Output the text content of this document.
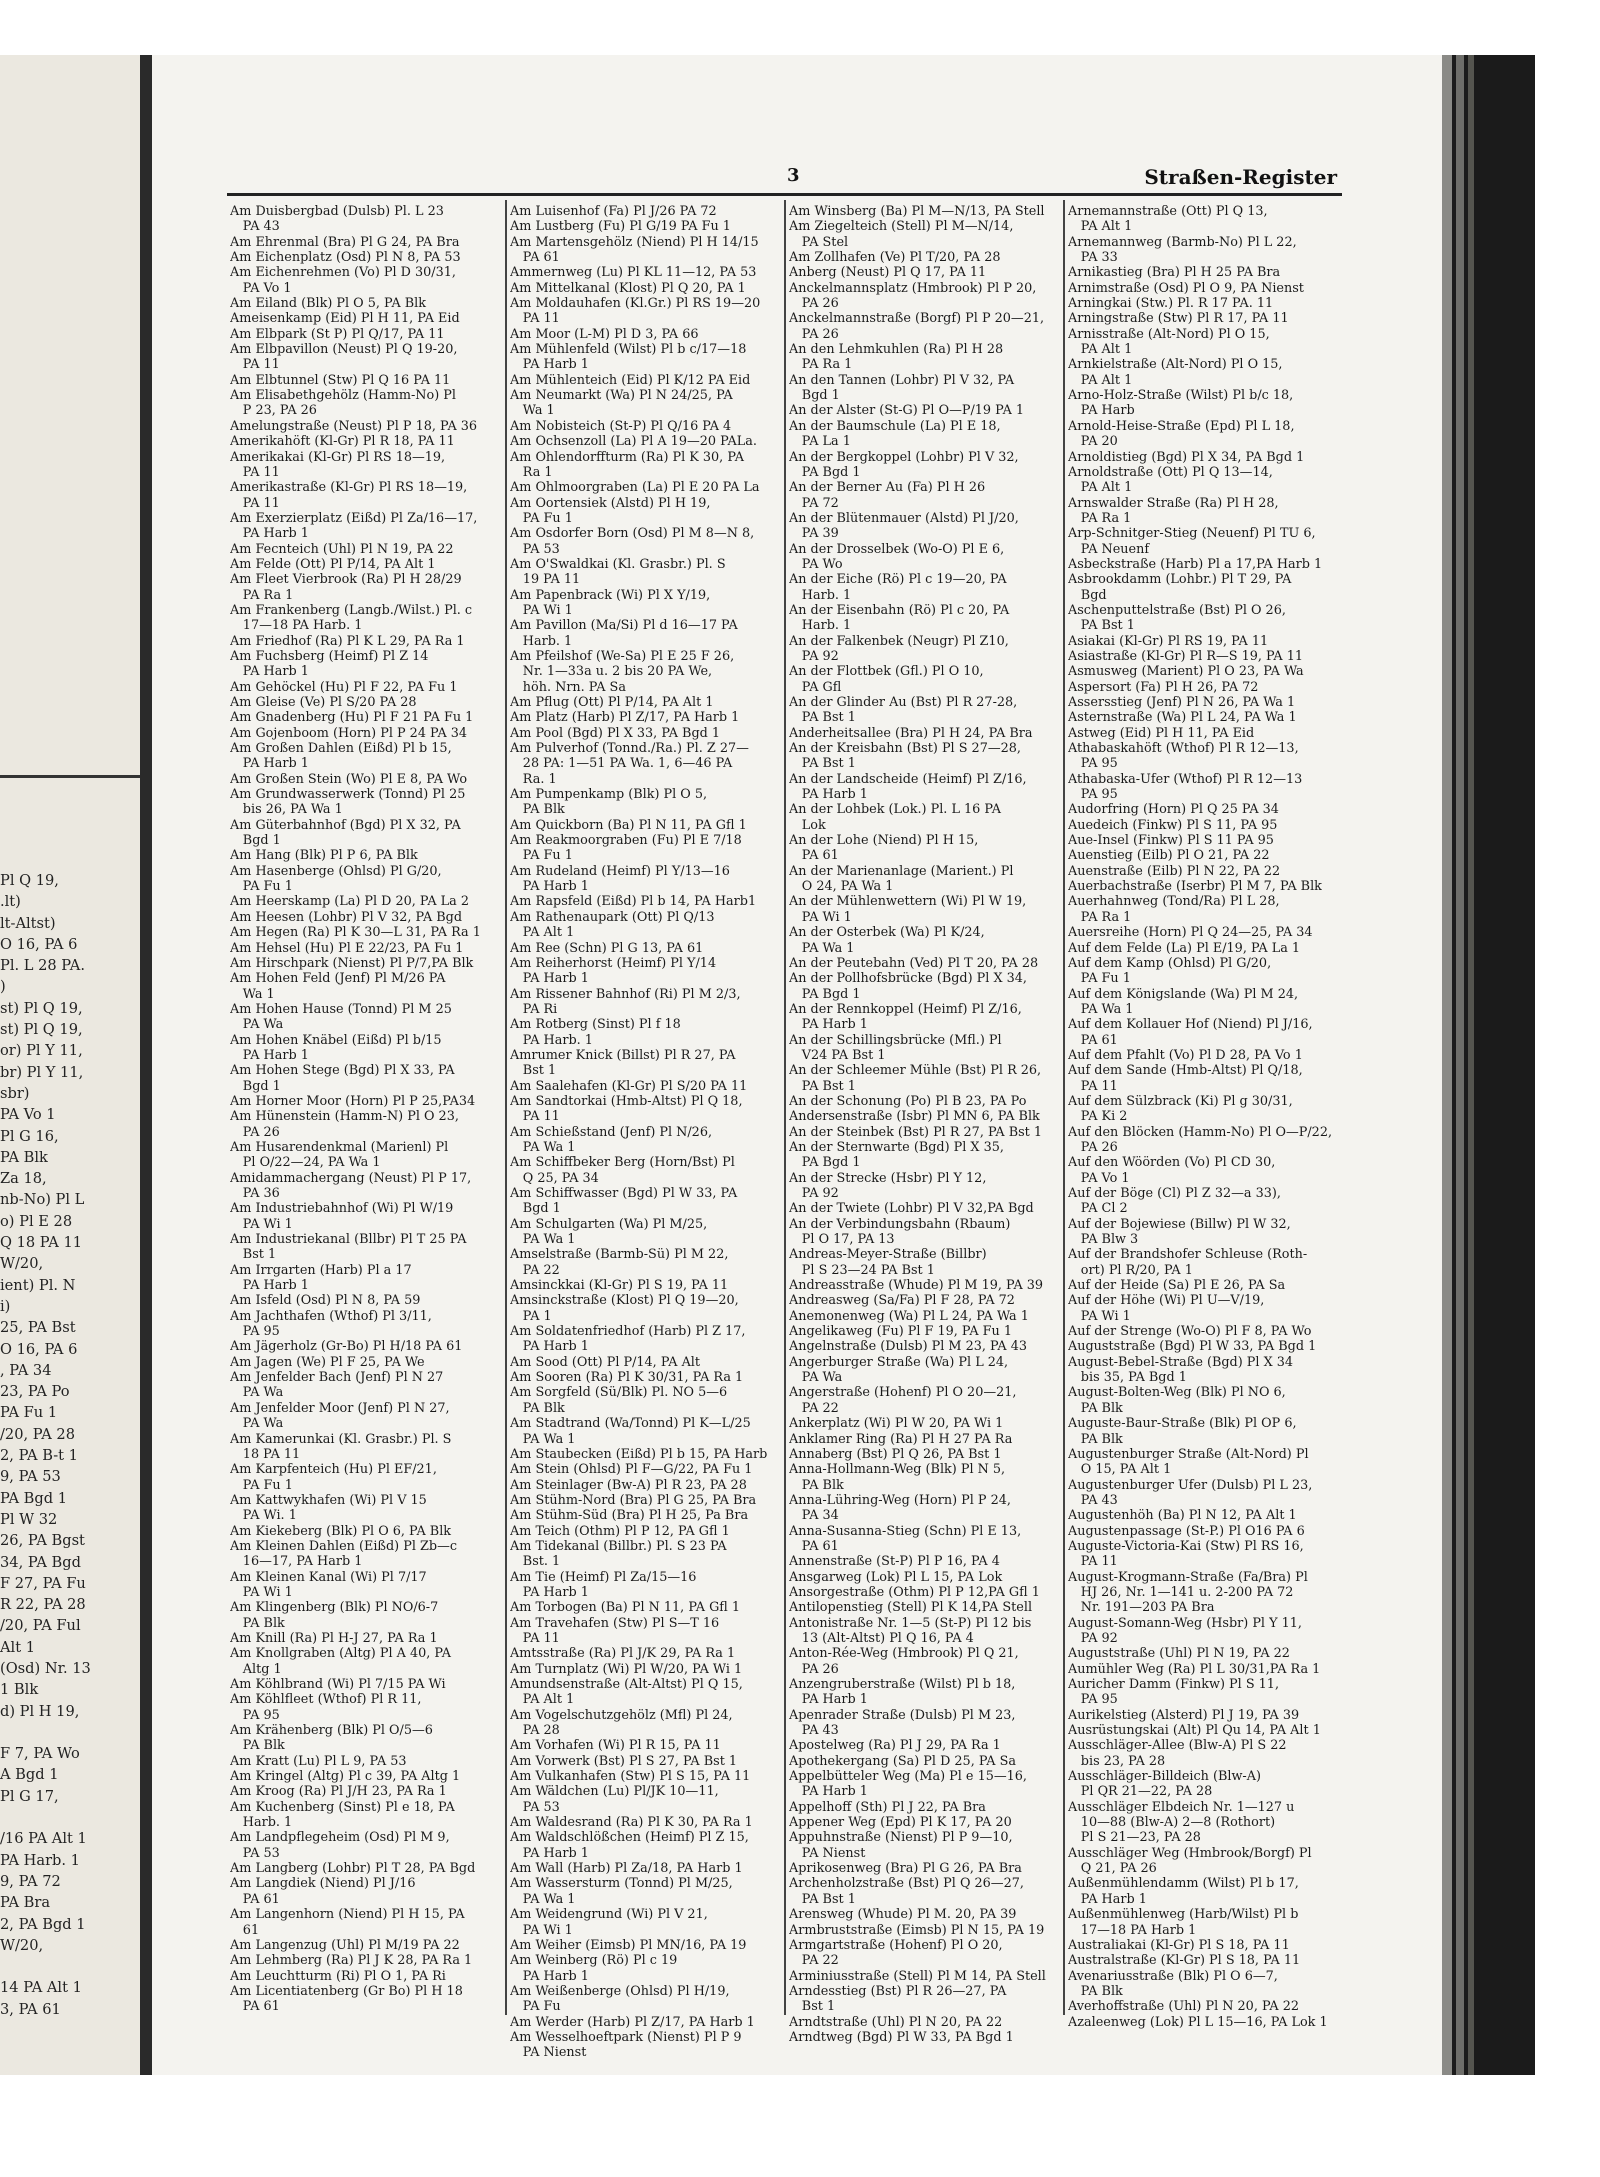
Pl Q 19,
.lt)
lt-Altst)
O 16, PA 6
Pl. L 28 PA.
)
st) Pl Q 19,
st) Pl Q 19,
or) Pl Y 11,
br) Pl Y 11,
sbr)
PA Vo 1
Pl G 16,
PA Blk
Za 18,
nb-No) Pl L
o) Pl E 28
Q 18 PA 11
W/20,
ient) Pl. N
i)
25, PA Bst
O 16, PA 6
, PA 34
23, PA Po
PA Fu 1
/20, PA 28
2, PA B-t 1
9, PA 53
PA Bgd 1
Pl W 32
26, PA Bgst
34, PA Bgd
F 27, PA Fu
R 22, PA 28
/20, PA Ful
Alt 1
(Osd) Nr. 13
1 Blk
d) Pl H 19,

F 7, PA Wo
A Bgd 1
Pl G 17,

/16 PA Alt 1
PA Harb. 1
9, PA 72
PA Bra
2, PA Bgd 1
W/20,

14 PA Alt 1
3, PA 61
3	Straßen-Register
Am Duisbergbad (Dulsb) Pl. L 23
 PA 43
Am Ehrenmal (Bra) Pl G 24, PA Bra
Am Eichenplatz (Osd) Pl N 8, PA 53
Am Eichenrehmen (Vo) Pl D 30/31,
 PA Vo 1
Am Eiland (Blk) Pl O 5, PA Blk
Ameisenkamp (Eid) Pl H 11, PA Eid
Am Elbpark (St P) Pl Q/17, PA 11
Am Elbpavillon (Neust) Pl Q 19-20,
 PA 11
Am Elbtunnel (Stw) Pl Q 16 PA 11
Am Elisabethgehölz (Hamm-No) Pl
 P 23, PA 26
Amelungstraße (Neust) Pl P 18, PA 36
Amerikahöft (Kl-Gr) Pl R 18, PA 11
Amerikakai (Kl-Gr) Pl RS 18—19,
 PA 11
Amerikastraße (Kl-Gr) Pl RS 18—19,
 PA 11
Am Exerzierplatz (Eißd) Pl Za/16—17,
 PA Harb 1
Am Fecnteich (Uhl) Pl N 19, PA 22
Am Felde (Ott) Pl P/14, PA Alt 1
Am Fleet Vierbrook (Ra) Pl H 28/29
 PA Ra 1
Am Frankenberg (Langb./Wilst.) Pl. c
 17—18 PA Harb. 1
Am Friedhof (Ra) Pl K L 29, PA Ra 1
Am Fuchsberg (Heimf) Pl Z 14
 PA Harb 1
Am Gehöckel (Hu) Pl F 22, PA Fu 1
Am Gleise (Ve) Pl S/20 PA 28
Am Gnadenberg (Hu) Pl F 21 PA Fu 1
Am Gojenboom (Horn) Pl P 24 PA 34
Am Großen Dahlen (Eißd) Pl b 15,
 PA Harb 1
Am Großen Stein (Wo) Pl E 8, PA Wo
Am Grundwasserwerk (Tonnd) Pl 25
 bis 26, PA Wa 1
Am Güterbahnhof (Bgd) Pl X 32, PA
 Bgd 1
Am Hang (Blk) Pl P 6, PA Blk
Am Hasenberge (Ohlsd) Pl G/20,
 PA Fu 1
Am Heerskamp (La) Pl D 20, PA La 2
Am Heesen (Lohbr) Pl V 32, PA Bgd
Am Hegen (Ra) Pl K 30—L 31, PA Ra 1
Am Hehsel (Hu) Pl E 22/23, PA Fu 1
Am Hirschpark (Nienst) Pl P/7,PA Blk
Am Hohen Feld (Jenf) Pl M/26 PA
 Wa 1
Am Hohen Hause (Tonnd) Pl M 25
 PA Wa
Am Hohen Knäbel (Eißd) Pl b/15
 PA Harb 1
Am Hohen Stege (Bgd) Pl X 33, PA
 Bgd 1
Am Horner Moor (Horn) Pl P 25,PA34
Am Hünenstein (Hamm-N) Pl O 23,
 PA 26
Am Husarendenkmal (Marienl) Pl
 Pl O/22—24, PA Wa 1
Amidammachergang (Neust) Pl P 17,
 PA 36
Am Industriebahnhof (Wi) Pl W/19
 PA Wi 1
Am Industriekanal (Bllbr) Pl T 25 PA
 Bst 1
Am Irrgarten (Harb) Pl a 17
 PA Harb 1
Am Isfeld (Osd) Pl N 8, PA 59
Am Jachthafen (Wthof) Pl 3/11,
 PA 95
Am Jägerholz (Gr-Bo) Pl H/18 PA 61
Am Jagen (We) Pl F 25, PA We
Am Jenfelder Bach (Jenf) Pl N 27
 PA Wa
Am Jenfelder Moor (Jenf) Pl N 27,
 PA Wa
Am Kamerunkai (Kl. Grasbr.) Pl. S
 18 PA 11
Am Karpfenteich (Hu) Pl EF/21,
 PA Fu 1
Am Kattwykhafen (Wi) Pl V 15
 PA Wi. 1
Am Kiekeberg (Blk) Pl O 6, PA Blk
Am Kleinen Dahlen (Eißd) Pl Zb—c
 16—17, PA Harb 1
Am Kleinen Kanal (Wi) Pl 7/17
 PA Wi 1
Am Klingenberg (Blk) Pl NO/6-7
 PA Blk
Am Knill (Ra) Pl H-J 27, PA Ra 1
Am Knollgraben (Altg) Pl A 40, PA
 Altg 1
Am Köhlbrand (Wi) Pl 7/15 PA Wi
Am Köhlfleet (Wthof) Pl R 11,
 PA 95
Am Krähenberg (Blk) Pl O/5—6
 PA Blk
Am Kratt (Lu) Pl L 9, PA 53
Am Kringel (Altg) Pl c 39, PA Altg 1
Am Kroog (Ra) Pl J/H 23, PA Ra 1
Am Kuchenberg (Sinst) Pl e 18, PA
 Harb. 1
Am Landpflegeheim (Osd) Pl M 9,
 PA 53
Am Langberg (Lohbr) Pl T 28, PA Bgd
Am Langdiek (Niend) Pl J/16
 PA 61
Am Langenhorn (Niend) Pl H 15, PA
 61
Am Langenzug (Uhl) Pl M/19 PA 22
Am Lehmberg (Ra) Pl J K 28, PA Ra 1
Am Leuchtturm (Ri) Pl O 1, PA Ri
Am Licentiatenberg (Gr Bo) Pl H 18
 PA 61
Am Luisenhof (Fa) Pl J/26 PA 72
Am Lustberg (Fu) Pl G/19 PA Fu 1
Am Martensgehölz (Niend) Pl H 14/15
 PA 61
Ammernweg (Lu) Pl KL 11—12, PA 53
Am Mittelkanal (Klost) Pl Q 20, PA 1
Am Moldauhafen (Kl.Gr.) Pl RS 19—20
 PA 11
Am Moor (L-M) Pl D 3, PA 66
Am Mühlenfeld (Wilst) Pl b c/17—18
 PA Harb 1
Am Mühlenteich (Eid) Pl K/12 PA Eid
Am Neumarkt (Wa) Pl N 24/25, PA
 Wa 1
Am Nobisteich (St-P) Pl Q/16 PA 4
Am Ochsenzoll (La) Pl A 19—20 PALa.
Am Ohlendorffturm (Ra) Pl K 30, PA
 Ra 1
Am Ohlmoorgraben (La) Pl E 20 PA La
Am Oortensiek (Alstd) Pl H 19,
 PA Fu 1
Am Osdorfer Born (Osd) Pl M 8—N 8,
 PA 53
Am O'Swaldkai (Kl. Grasbr.) Pl. S
 19 PA 11
Am Papenbrack (Wi) Pl X Y/19,
 PA Wi 1
Am Pavillon (Ma/Si) Pl d 16—17 PA
 Harb. 1
Am Pfeilshof (We-Sa) Pl E 25 F 26,
 Nr. 1—33a u. 2 bis 20 PA We,
 höh. Nrn. PA Sa
Am Pflug (Ott) Pl P/14, PA Alt 1
Am Platz (Harb) Pl Z/17, PA Harb 1
Am Pool (Bgd) Pl X 33, PA Bgd 1
Am Pulverhof (Tonnd./Ra.) Pl. Z 27—
 28 PA: 1—51 PA Wa. 1, 6—46 PA
 Ra. 1
Am Pumpenkamp (Blk) Pl O 5,
 PA Blk
Am Quickborn (Ba) Pl N 11, PA Gfl 1
Am Reakmoorgraben (Fu) Pl E 7/18
 PA Fu 1
Am Rudeland (Heimf) Pl Y/13—16
 PA Harb 1
Am Rapsfeld (Eißd) Pl b 14, PA Harb1
Am Rathenaupark (Ott) Pl Q/13
 PA Alt 1
Am Ree (Schn) Pl G 13, PA 61
Am Reiherhorst (Heimf) Pl Y/14
 PA Harb 1
Am Rissener Bahnhof (Ri) Pl M 2/3,
 PA Ri
Am Rotberg (Sinst) Pl f 18
 PA Harb. 1
Amrumer Knick (Billst) Pl R 27, PA
 Bst 1
Am Saalehafen (Kl-Gr) Pl S/20 PA 11
Am Sandtorkai (Hmb-Altst) Pl Q 18,
 PA 11
Am Schießstand (Jenf) Pl N/26,
 PA Wa 1
Am Schiffbeker Berg (Horn/Bst) Pl
 Q 25, PA 34
Am Schiffwasser (Bgd) Pl W 33, PA
 Bgd 1
Am Schulgarten (Wa) Pl M/25,
 PA Wa 1
Amselstraße (Barmb-Sü) Pl M 22,
 PA 22
Amsinckkai (Kl-Gr) Pl S 19, PA 11
Amsinckstraße (Klost) Pl Q 19—20,
 PA 1
Am Soldatenfriedhof (Harb) Pl Z 17,
 PA Harb 1
Am Sood (Ott) Pl P/14, PA Alt
Am Sooren (Ra) Pl K 30/31, PA Ra 1
Am Sorgfeld (Sü/Blk) Pl. NO 5—6
 PA Blk
Am Stadtrand (Wa/Tonnd) Pl K—L/25
 PA Wa 1
Am Staubecken (Eißd) Pl b 15, PA Harb
Am Stein (Ohlsd) Pl F—G/22, PA Fu 1
Am Steinlager (Bw-A) Pl R 23, PA 28
Am Stühm-Nord (Bra) Pl G 25, PA Bra
Am Stühm-Süd (Bra) Pl H 25, Pa Bra
Am Teich (Othm) Pl P 12, PA Gfl 1
Am Tidekanal (Billbr.) Pl. S 23 PA
 Bst. 1
Am Tie (Heimf) Pl Za/15—16
 PA Harb 1
Am Torbogen (Ba) Pl N 11, PA Gfl 1
Am Travehafen (Stw) Pl S—T 16
 PA 11
Amtsstraße (Ra) Pl J/K 29, PA Ra 1
Am Turnplatz (Wi) Pl W/20, PA Wi 1
Amundsenstraße (Alt-Altst) Pl Q 15,
 PA Alt 1
Am Vogelschutzgehölz (Mfl) Pl 24,
 PA 28
Am Vorhafen (Wi) Pl R 15, PA 11
Am Vorwerk (Bst) Pl S 27, PA Bst 1
Am Vulkanhafen (Stw) Pl S 15, PA 11
Am Wäldchen (Lu) Pl/JK 10—11,
 PA 53
Am Waldesrand (Ra) Pl K 30, PA Ra 1
Am Waldschlößchen (Heimf) Pl Z 15,
 PA Harb 1
Am Wall (Harb) Pl Za/18, PA Harb 1
Am Wassersturm (Tonnd) Pl M/25,
 PA Wa 1
Am Weidengrund (Wi) Pl V 21,
 PA Wi 1
Am Weiher (Eimsb) Pl MN/16, PA 19
Am Weinberg (Rö) Pl c 19
 PA Harb 1
Am Weißenberge (Ohlsd) Pl H/19,
 PA Fu
Am Werder (Harb) Pl Z/17, PA Harb 1
Am Wesselhoeftpark (Nienst) Pl P 9
 PA Nienst
Am Winsberg (Ba) Pl M—N/13, PA Stell
Am Ziegelteich (Stell) Pl M—N/14,
 PA Stel
Am Zollhafen (Ve) Pl T/20, PA 28
Anberg (Neust) Pl Q 17, PA 11
Anckelmannsplatz (Hmbrook) Pl P 20,
 PA 26
Anckelmannstraße (Borgf) Pl P 20—21,
 PA 26
An den Lehmkuhlen (Ra) Pl H 28
 PA Ra 1
An den Tannen (Lohbr) Pl V 32, PA
 Bgd 1
An der Alster (St-G) Pl O—P/19 PA 1
An der Baumschule (La) Pl E 18,
 PA La 1
An der Bergkoppel (Lohbr) Pl V 32,
 PA Bgd 1
An der Berner Au (Fa) Pl H 26
 PA 72
An der Blütenmauer (Alstd) Pl J/20,
 PA 39
An der Drosselbek (Wo-O) Pl E 6,
 PA Wo
An der Eiche (Rö) Pl c 19—20, PA
 Harb. 1
An der Eisenbahn (Rö) Pl c 20, PA
 Harb. 1
An der Falkenbek (Neugr) Pl Z10,
 PA 92
An der Flottbek (Gfl.) Pl O 10,
 PA Gfl
An der Glinder Au (Bst) Pl R 27-28,
 PA Bst 1
Anderheitsallee (Bra) Pl H 24, PA Bra
An der Kreisbahn (Bst) Pl S 27—28,
 PA Bst 1
An der Landscheide (Heimf) Pl Z/16,
 PA Harb 1
An der Lohbek (Lok.) Pl. L 16 PA
 Lok
An der Lohe (Niend) Pl H 15,
 PA 61
An der Marienanlage (Marient.) Pl
 O 24, PA Wa 1
An der Mühlenwettern (Wi) Pl W 19,
 PA Wi 1
An der Osterbek (Wa) Pl K/24,
 PA Wa 1
An der Peutebahn (Ved) Pl T 20, PA 28
An der Pollhofsbrücke (Bgd) Pl X 34,
 PA Bgd 1
An der Rennkoppel (Heimf) Pl Z/16,
 PA Harb 1
An der Schillingsbrücke (Mfl.) Pl
 V24 PA Bst 1
An der Schleemer Mühle (Bst) Pl R 26,
 PA Bst 1
An der Schonung (Po) Pl B 23, PA Po
Andersenstraße (Isbr) Pl MN 6, PA Blk
An der Steinbek (Bst) Pl R 27, PA Bst 1
An der Sternwarte (Bgd) Pl X 35,
 PA Bgd 1
An der Strecke (Hsbr) Pl Y 12,
 PA 92
An der Twiete (Lohbr) Pl V 32,PA Bgd
An der Verbindungsbahn (Rbaum)
 Pl O 17, PA 13
Andreas-Meyer-Straße (Billbr)
 Pl S 23—24 PA Bst 1
Andreasstraße (Whude) Pl M 19, PA 39
Andreasweg (Sa/Fa) Pl F 28, PA 72
Anemonenweg (Wa) Pl L 24, PA Wa 1
Angelikaweg (Fu) Pl F 19, PA Fu 1
Angelnstraße (Dulsb) Pl M 23, PA 43
Angerburger Straße (Wa) Pl L 24,
 PA Wa
Angerstraße (Hohenf) Pl O 20—21,
 PA 22
Ankerplatz (Wi) Pl W 20, PA Wi 1
Anklamer Ring (Ra) Pl H 27 PA Ra
Annaberg (Bst) Pl Q 26, PA Bst 1
Anna-Hollmann-Weg (Blk) Pl N 5,
 PA Blk
Anna-Lühring-Weg (Horn) Pl P 24,
 PA 34
Anna-Susanna-Stieg (Schn) Pl E 13,
 PA 61
Annenstraße (St-P) Pl P 16, PA 4
Ansgarweg (Lok) Pl L 15, PA Lok
Ansorgestraße (Othm) Pl P 12,PA Gfl 1
Antilopenstieg (Stell) Pl K 14,PA Stell
Antonistraße Nr. 1—5 (St-P) Pl 12 bis
 13 (Alt-Altst) Pl Q 16, PA 4
Anton-Rée-Weg (Hmbrook) Pl Q 21,
 PA 26
Anzengruberstraße (Wilst) Pl b 18,
 PA Harb 1
Apenrader Straße (Dulsb) Pl M 23,
 PA 43
Apostelweg (Ra) Pl J 29, PA Ra 1
Apothekergang (Sa) Pl D 25, PA Sa
Appelbütteler Weg (Ma) Pl e 15—16,
 PA Harb 1
Appelhoff (Sth) Pl J 22, PA Bra
Appener Weg (Epd) Pl K 17, PA 20
Appuhnstraße (Nienst) Pl P 9—10,
 PA Nienst
Aprikosenweg (Bra) Pl G 26, PA Bra
Archenholzstraße (Bst) Pl Q 26—27,
 PA Bst 1
Arensweg (Whude) Pl M. 20, PA 39
Armbruststraße (Eimsb) Pl N 15, PA 19
Armgartstraße (Hohenf) Pl O 20,
 PA 22
Arminiusstraße (Stell) Pl M 14, PA Stell
Arndesstieg (Bst) Pl R 26—27, PA
 Bst 1
Arndtstraße (Uhl) Pl N 20, PA 22
Arndtweg (Bgd) Pl W 33, PA Bgd 1
Arnemannstraße (Ott) Pl Q 13,
 PA Alt 1
Arnemannweg (Barmb-No) Pl L 22,
 PA 33
Arnikastieg (Bra) Pl H 25 PA Bra
Arnimstraße (Osd) Pl O 9, PA Nienst
Arningkai (Stw.) Pl. R 17 PA. 11
Arningstraße (Stw) Pl R 17, PA 11
Arnisstraße (Alt-Nord) Pl O 15,
 PA Alt 1
Arnkielstraße (Alt-Nord) Pl O 15,
 PA Alt 1
Arno-Holz-Straße (Wilst) Pl b/c 18,
 PA Harb
Arnold-Heise-Straße (Epd) Pl L 18,
 PA 20
Arnoldistieg (Bgd) Pl X 34, PA Bgd 1
Arnoldstraße (Ott) Pl Q 13—14,
 PA Alt 1
Arnswalder Straße (Ra) Pl H 28,
 PA Ra 1
Arp-Schnitger-Stieg (Neuenf) Pl TU 6,
 PA Neuenf
Asbeckstraße (Harb) Pl a 17,PA Harb 1
Asbrookdamm (Lohbr.) Pl T 29, PA
 Bgd
Aschenputtelstraße (Bst) Pl O 26,
 PA Bst 1
Asiakai (Kl-Gr) Pl RS 19, PA 11
Asiastraße (Kl-Gr) Pl R—S 19, PA 11
Asmusweg (Marient) Pl O 23, PA Wa
Aspersort (Fa) Pl H 26, PA 72
Assersstieg (Jenf) Pl N 26, PA Wa 1
Asternstraße (Wa) Pl L 24, PA Wa 1
Astweg (Eid) Pl H 11, PA Eid
Athabaskahöft (Wthof) Pl R 12—13,
 PA 95
Athabaska-Ufer (Wthof) Pl R 12—13
 PA 95
Audorfring (Horn) Pl Q 25 PA 34
Auedeich (Finkw) Pl S 11, PA 95
Aue-Insel (Finkw) Pl S 11 PA 95
Auenstieg (Eilb) Pl O 21, PA 22
Auenstraße (Eilb) Pl N 22, PA 22
Auerbachstraße (Iserbr) Pl M 7, PA Blk
Auerhahnweg (Tond/Ra) Pl L 28,
 PA Ra 1
Auersreihe (Horn) Pl Q 24—25, PA 34
Auf dem Felde (La) Pl E/19, PA La 1
Auf dem Kamp (Ohlsd) Pl G/20,
 PA Fu 1
Auf dem Königslande (Wa) Pl M 24,
 PA Wa 1
Auf dem Kollauer Hof (Niend) Pl J/16,
 PA 61
Auf dem Pfahlt (Vo) Pl D 28, PA Vo 1
Auf dem Sande (Hmb-Altst) Pl Q/18,
 PA 11
Auf dem Sülzbrack (Ki) Pl g 30/31,
 PA Ki 2
Auf den Blöcken (Hamm-No) Pl O—P/22,
 PA 26
Auf den Wöörden (Vo) Pl CD 30,
 PA Vo 1
Auf der Böge (Cl) Pl Z 32—a 33),
 PA Cl 2
Auf der Bojewiese (Billw) Pl W 32,
 PA Blw 3
Auf der Brandshofer Schleuse (Roth-
 ort) Pl R/20, PA 1
Auf der Heide (Sa) Pl E 26, PA Sa
Auf der Höhe (Wi) Pl U—V/19,
 PA Wi 1
Auf der Strenge (Wo-O) Pl F 8, PA Wo
Auguststraße (Bgd) Pl W 33, PA Bgd 1
August-Bebel-Straße (Bgd) Pl X 34
 bis 35, PA Bgd 1
August-Bolten-Weg (Blk) Pl NO 6,
 PA Blk
Auguste-Baur-Straße (Blk) Pl OP 6,
 PA Blk
Augustenburger Straße (Alt-Nord) Pl
 O 15, PA Alt 1
Augustenburger Ufer (Dulsb) Pl L 23,
 PA 43
Augustenhöh (Ba) Pl N 12, PA Alt 1
Augustenpassage (St-P.) Pl O16 PA 6
Auguste-Victoria-Kai (Stw) Pl RS 16,
 PA 11
August-Krogmann-Straße (Fa/Bra) Pl
 HJ 26, Nr. 1—141 u. 2-200 PA 72
 Nr. 191—203 PA Bra
August-Somann-Weg (Hsbr) Pl Y 11,
 PA 92
Auguststraße (Uhl) Pl N 19, PA 22
Aumühler Weg (Ra) Pl L 30/31,PA Ra 1
Auricher Damm (Finkw) Pl S 11,
 PA 95
Aurikelstieg (Alsterd) Pl J 19, PA 39
Ausrüstungskai (Alt) Pl Qu 14, PA Alt 1
Ausschläger-Allee (Blw-A) Pl S 22
 bis 23, PA 28
Ausschläger-Billdeich (Blw-A)
 Pl QR 21—22, PA 28
Ausschläger Elbdeich Nr. 1—127 u
 10—88 (Blw-A) 2—8 (Rothort)
 Pl S 21—23, PA 28
Ausschläger Weg (Hmbrook/Borgf) Pl
 Q 21, PA 26
Außenmühlendamm (Wilst) Pl b 17,
 PA Harb 1
Außenmühlenweg (Harb/Wilst) Pl b
 17—18 PA Harb 1
Australiakai (Kl-Gr) Pl S 18, PA 11
Australstraße (Kl-Gr) Pl S 18, PA 11
Avenariusstraße (Blk) Pl O 6—7,
 PA Blk
Averhoffstraße (Uhl) Pl N 20, PA 22
Azaleenweg (Lok) Pl L 15—16, PA Lok 1
